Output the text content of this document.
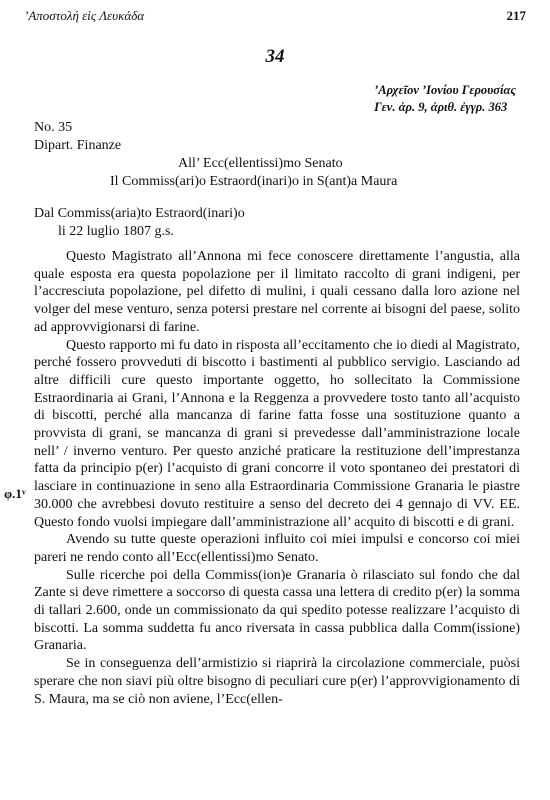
’Αποστολή εἰς Λευκάδα	217
34
’Αρχεῖον ’Ιονίου Γερουσίας
Γεν. ἀρ. 9, ἀριθ. ἐγγρ. 363
No. 35
Dipart. Finanze
All’ Ecc(ellentissi)mo Senato
Il Commiss(ari)o Estraord(inari)o in S(ant)a Maura
Dal Commiss(aria)to Estraord(inari)o
li 22 luglio 1807 g.s.
φ.1ᵛ

Questo Magistrato all’Annona mi fece conoscere direttamente l’angustia, alla quale esposta era questa popolazione per il limitato raccolto di grani indigeni, per l’accresciuta popolazione, pel difetto di mulini, i quali cessano dalla loro azione nel volger del mese venturo, senza potersi prestare nel corrente ai bisogni del paese, solito ad approvvigionarsi di farine.

Questo rapporto mi fu dato in risposta all’eccitamento che io diedi al Magistrato, perché fossero provveduti di biscotto i bastimenti al pubblico servigio. Lasciando ad altre difficili cure questo importante oggetto, ho sollecitato la Commissione Estraordinaria ai Grani, l’Annona e la Reggenza a provvedere tosto tanto all’acquisto di biscotti, perché alla mancanza di farine fatta fosse una sostituzione quanto a provvista di grani, se mancanza di grani si prevedesse dall’amministrazione locale nell’ / inverno venturo. Per questo anziché praticare la restituzione dell’imprestanza fatta da principio p(er) l’acquisto di grani concorre il voto spontaneo dei prestatori di lasciare in continuazione in seno alla Estraordinaria Commissione Granaria le piastre 30.000 che avrebbesi dovuto restituire a senso del decreto dei 4 gennajo di VV. EE. Questo fondo vuolsi impiegare dall’amministrazione all’ acquito di biscotti e di grani.

Avendo su tutte queste operazioni influito coi miei impulsi e concorso coi miei pareri ne rendo conto all’Ecc(ellentissi)mo Senato.

Sulle ricerche poi della Commiss(ion)e Granaria ò rilasciato sul fondo che dal Zante si deve rimettere a soccorso di questa cassa una lettera di credito p(er) la somma di tallari 2.600, onde un commissionato da qui spedito potesse realizzare l’acquisto di biscotti. La somma suddetta fu anco riversata in cassa pubblica dalla Comm(issione) Granaria.

Se in conseguenza dell’armistizio si riaprirà la circolazione commerciale, puòsi sperare che non siavi più oltre bisogno di peculiari cure p(er) l’approvvigionamento di S. Maura, ma se ciò non aviene, l’Ecc(ellen-
